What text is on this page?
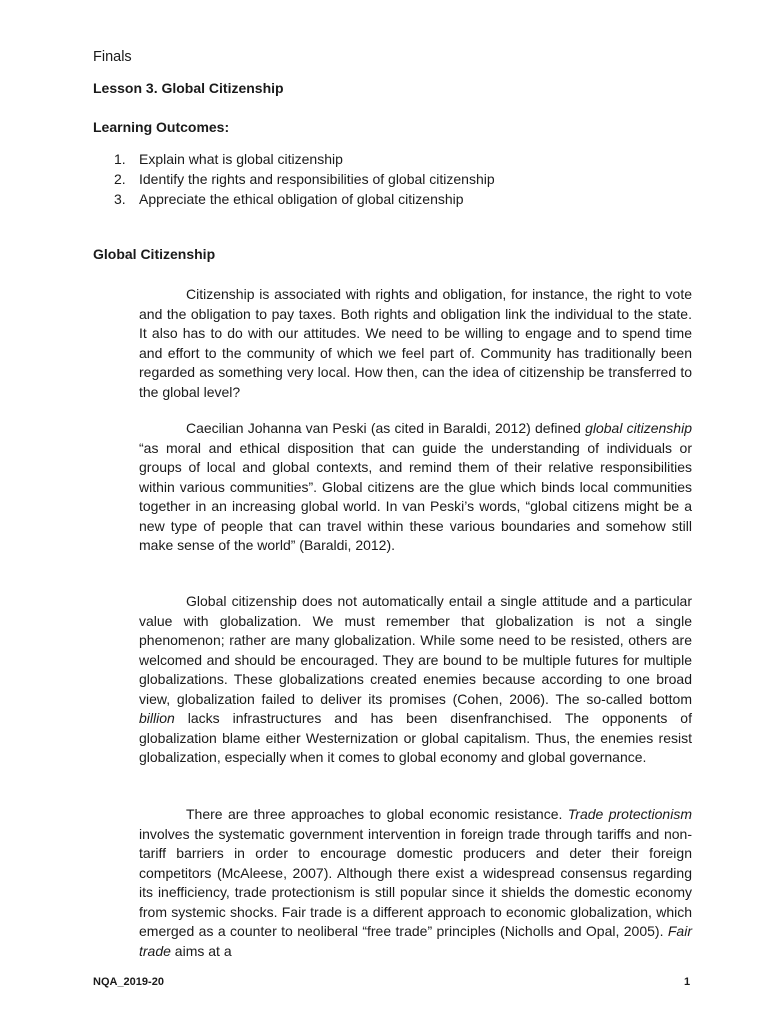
Finals
Lesson 3. Global Citizenship
Learning Outcomes:
1. Explain what is global citizenship
2. Identify the rights and responsibilities of global citizenship
3. Appreciate the ethical obligation of global citizenship
Global Citizenship

Citizenship is associated with rights and obligation, for instance, the right to vote and the obligation to pay taxes. Both rights and obligation link the individual to the state. It also has to do with our attitudes. We need to be willing to engage and to spend time and effort to the community of which we feel part of. Community has traditionally been regarded as something very local. How then, can the idea of citizenship be transferred to the global level?

Caecilian Johanna van Peski (as cited in Baraldi, 2012) defined global citizenship “as moral and ethical disposition that can guide the understanding of individuals or groups of local and global contexts, and remind them of their relative responsibilities within various communities”. Global citizens are the glue which binds local communities together in an increasing global world. In van Peski’s words, “global citizens might be a new type of people that can travel within these various boundaries and somehow still make sense of the world” (Baraldi, 2012).

Global citizenship does not automatically entail a single attitude and a particular value with globalization. We must remember that globalization is not a single phenomenon; rather are many globalization. While some need to be resisted, others are welcomed and should be encouraged. They are bound to be multiple futures for multiple globalizations. These globalizations created enemies because according to one broad view, globalization failed to deliver its promises (Cohen, 2006). The so-called bottom billion lacks infrastructures and has been disenfranchised. The opponents of globalization blame either Westernization or global capitalism. Thus, the enemies resist globalization, especially when it comes to global economy and global governance.

There are three approaches to global economic resistance. Trade protectionism involves the systematic government intervention in foreign trade through tariffs and non-tariff barriers in order to encourage domestic producers and deter their foreign competitors (McAleese, 2007). Although there exist a widespread consensus regarding its inefficiency, trade protectionism is still popular since it shields the domestic economy from systemic shocks. Fair trade is a different approach to economic globalization, which emerged as a counter to neoliberal “free trade” principles (Nicholls and Opal, 2005). Fair trade aims at a

NQA_2019-20	1
